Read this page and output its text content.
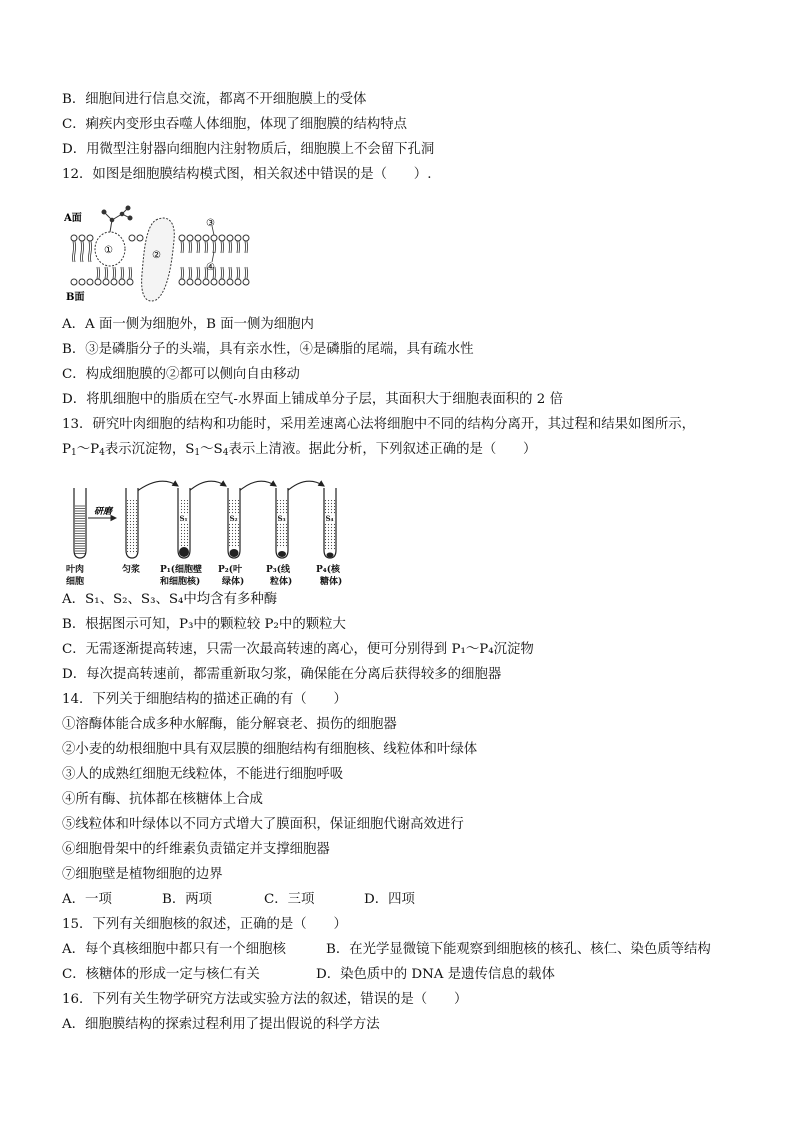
B．细胞间进行信息交流，都离不开细胞膜上的受体
C．痢疾内变形虫吞噬人体细胞，体现了细胞膜的结构特点
D．用微型注射器向细胞内注射物质后，细胞膜上不会留下孔洞
12．如图是细胞膜结构模式图，相关叙述中错误的是（　　）.
A面
B面
①	②
③
④
A．A 面一侧为细胞外，B 面一侧为细胞内
B．③是磷脂分子的头端，具有亲水性，④是磷脂的尾端，具有疏水性
C．构成细胞膜的②都可以侧向自由移动
D．将肌细胞中的脂质在空气-水界面上铺成单分子层，其面积大于细胞表面积的 2 倍
13．研究叶肉细胞的结构和功能时，采用差速离心法将细胞中不同的结构分离开，其过程和结果如图所示，
$P_1\sim P_4$表示沉淀物，$S_1\sim S_4$表示上清液。据此分析，下列叙述正确的是（　　）
研磨
S₁	S₂	S₃	S₄
叶肉
细胞
匀浆 P₁(细胞壁
和细胞核)
P₂(叶
绿体)
P₃(线
粒体)
P₄(核
糖体)
A．S₁、S₂、S₃、S₄中均含有多种酶
B．根据图示可知，P₃中的颗粒较 P₂中的颗粒大
C．无需逐渐提高转速，只需一次最高转速的离心，便可分别得到 P₁～P₄沉淀物
D．每次提高转速前，都需重新取匀浆，确保能在分离后获得较多的细胞器
14．下列关于细胞结构的描述正确的有（　　）
①溶酶体能合成多种水解酶，能分解衰老、损伤的细胞器
②小麦的幼根细胞中具有双层膜的细胞结构有细胞核、线粒体和叶绿体
③人的成熟红细胞无线粒体，不能进行细胞呼吸
④所有酶、抗体都在核糖体上合成
⑤线粒体和叶绿体以不同方式增大了膜面积，保证细胞代谢高效进行
⑥细胞骨架中的纤维素负责锚定并支撑细胞器
⑦细胞壁是植物细胞的边界
A．一项	B．两项	C．三项	D．四项
15．下列有关细胞核的叙述，正确的是（　　）
A．每个真核细胞中都只有一个细胞核	B．在光学显微镜下能观察到细胞核的核孔、核仁、染色质等结构
C．核糖体的形成一定与核仁有关	D．染色质中的 DNA 是遗传信息的载体
16．下列有关生物学研究方法或实验方法的叙述，错误的是（　　）
A．细胞膜结构的探索过程利用了提出假说的科学方法
